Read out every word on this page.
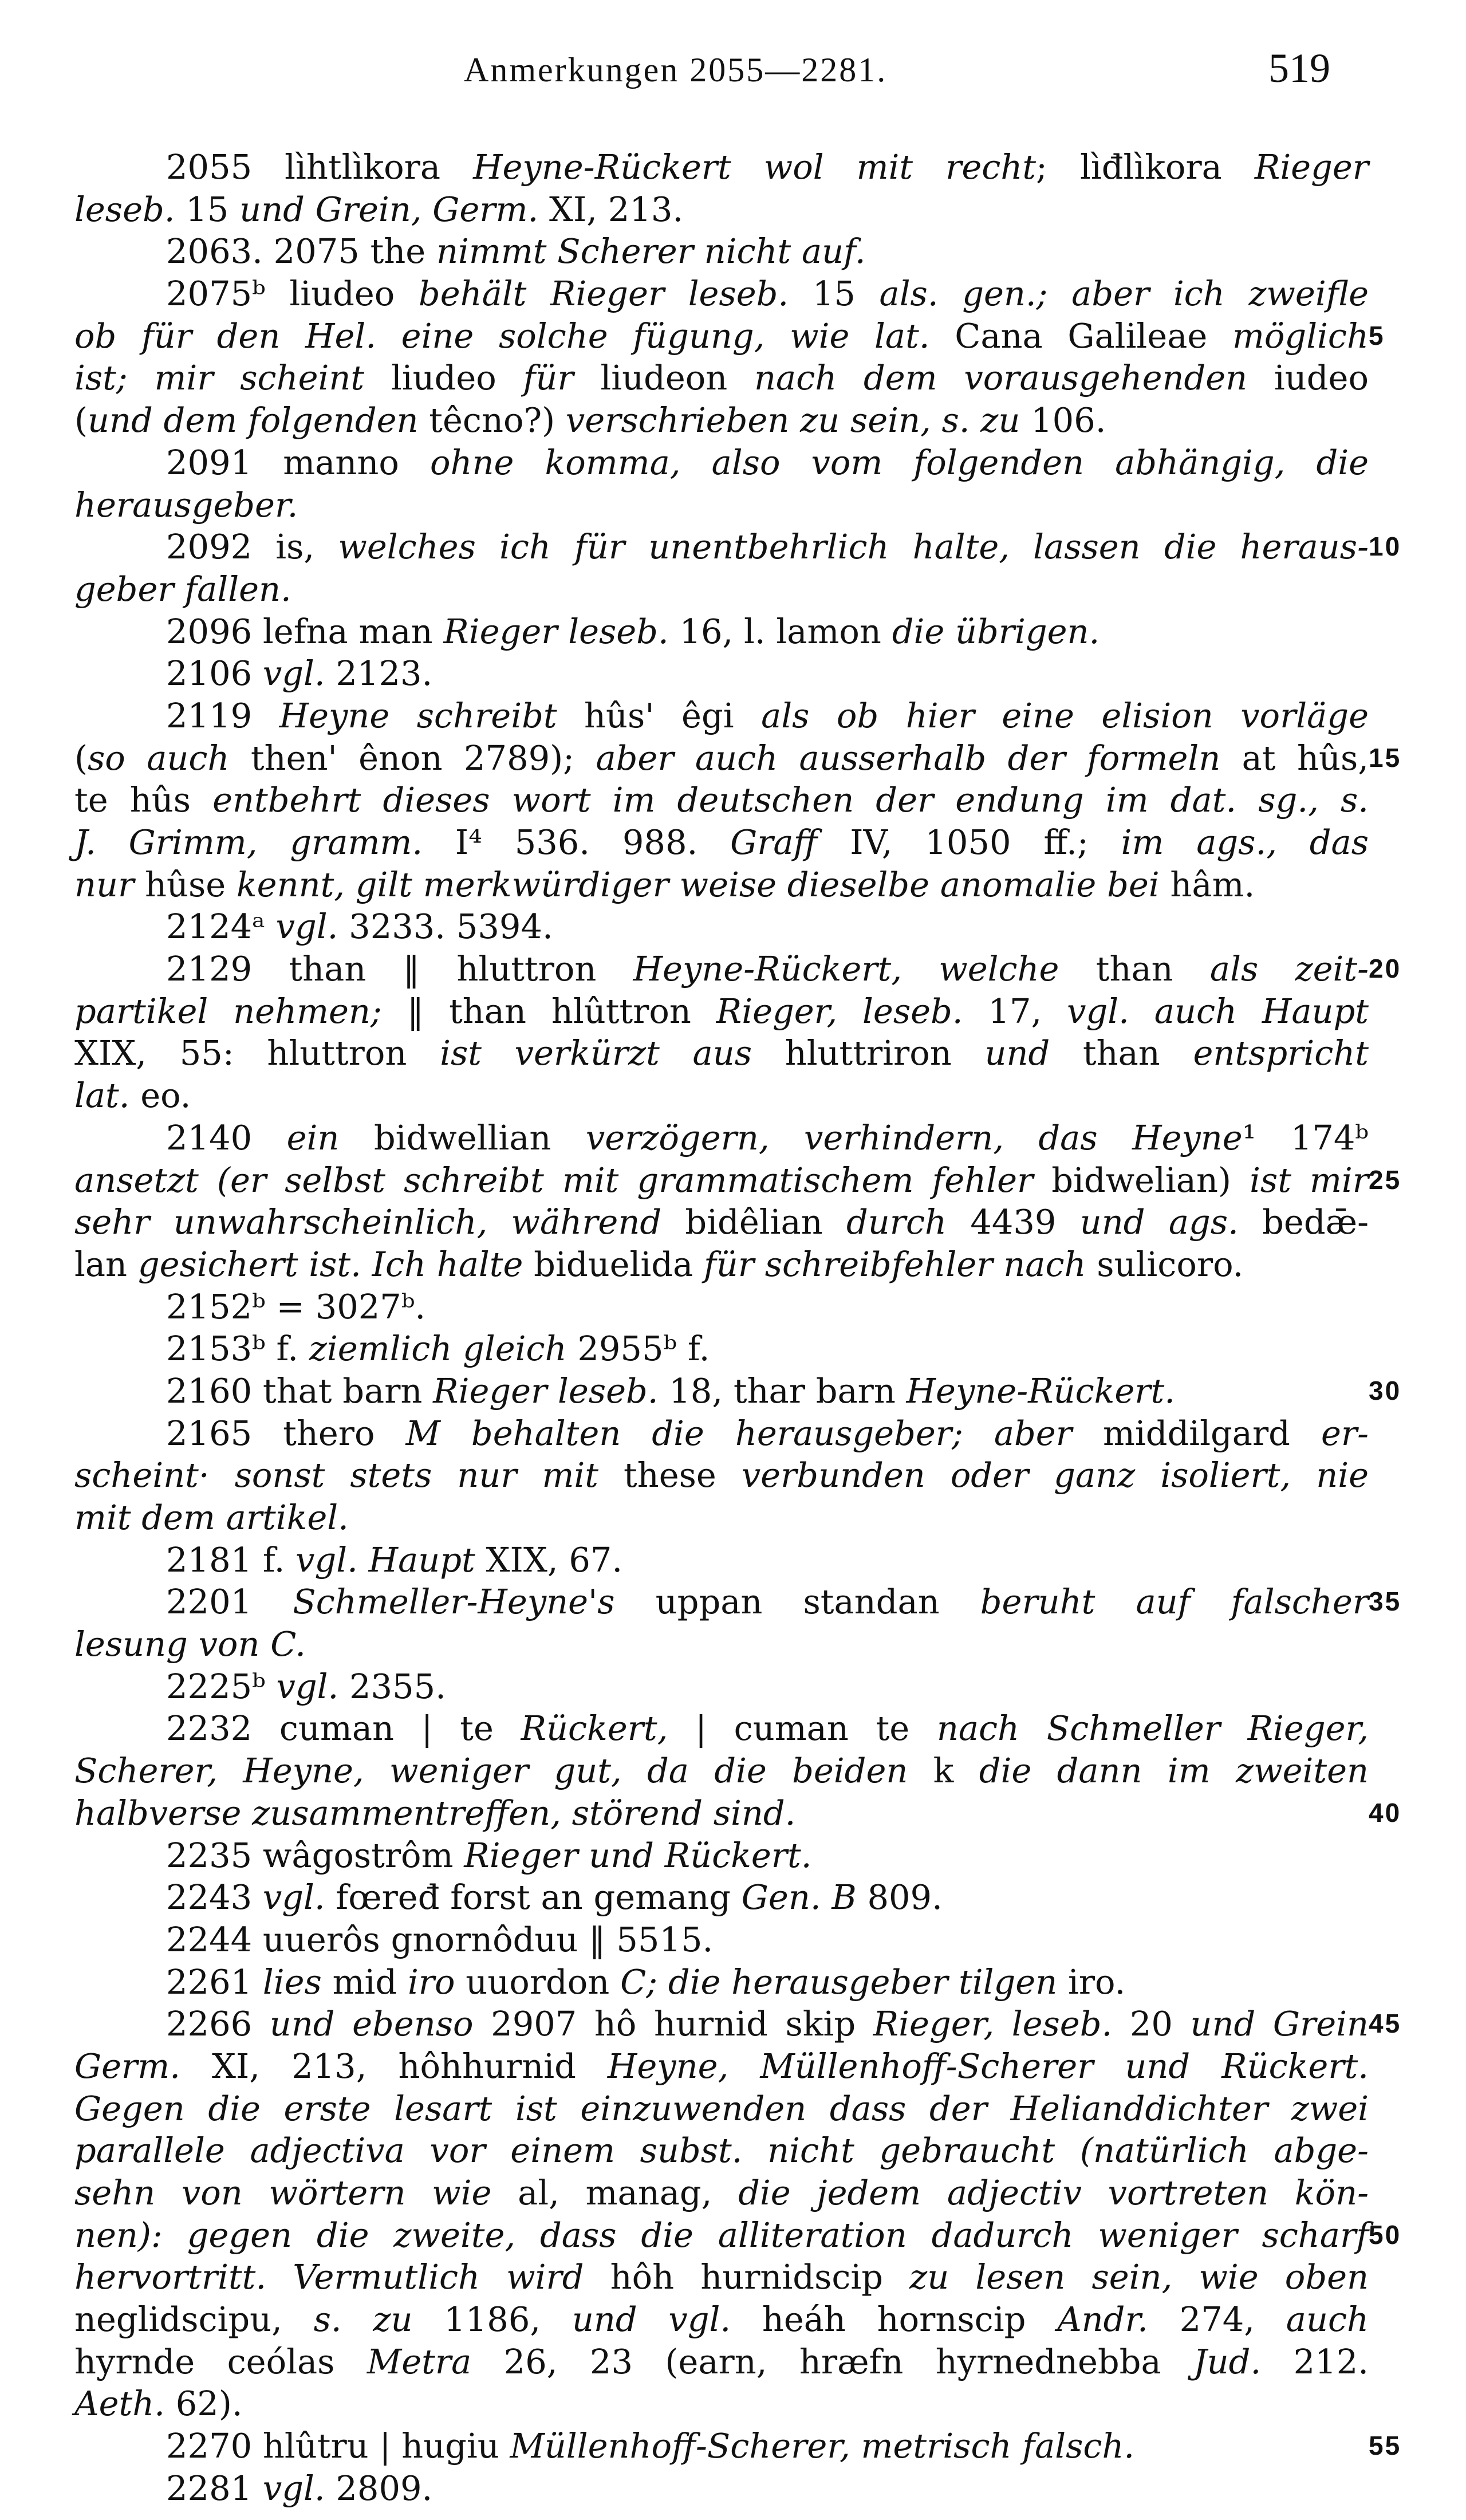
Anmerkungen 2055—2281.	519
2055 lìhtlìkora Heyne-Rückert wol mit recht; lìđlìkora Rieger
leseb. 15 und Grein, Germ. XI, 213.
2063. 2075 the nimmt Scherer nicht auf.
2075ᵇ liudeo behält Rieger leseb. 15 als. gen.; aber ich zweifle
ob für den Hel. eine solche fügung, wie lat. Cana Galileae möglich 5
ist; mir scheint liudeo für liudeon nach dem vorausgehenden iudeo
(und dem folgenden têcno?) verschrieben zu sein, s. zu 106.
2091 manno ohne komma, also vom folgenden abhängig, die
herausgeber.
2092 is, welches ich für unentbehrlich halte, lassen die heraus- 10
geber fallen.
2096 lefna man Rieger leseb. 16, l. lamon die übrigen.
2106 vgl. 2123.
2119 Heyne schreibt hûs' êgi als ob hier eine elision vorläge
(so auch then' ênon 2789); aber auch ausserhalb der formeln at hûs, 15
te hûs entbehrt dieses wort im deutschen der endung im dat. sg., s.
J. Grimm, gramm. I⁴ 536. 988. Graff IV, 1050 ff.; im ags., das
nur hûse kennt, gilt merkwürdiger weise dieselbe anomalie bei hâm.
2124ᵃ vgl. 3233. 5394.
2129 than ‖ hluttron Heyne-Rückert, welche than als zeit- 20
partikel nehmen; ‖ than hlûttron Rieger, leseb. 17, vgl. auch Haupt
XIX, 55: hluttron ist verkürzt aus hluttriron und than entspricht
lat. eo.
2140 ein bidwellian verzögern, verhindern, das Heyne¹ 174ᵇ
ansetzt (er selbst schreibt mit grammatischem fehler bidwelian) ist mir 25
sehr unwahrscheinlich, während bidêlian durch 4439 und ags. bedǣ-
lan gesichert ist. Ich halte biduelida für schreibfehler nach sulicoro.
2152ᵇ = 3027ᵇ.
2153ᵇ f. ziemlich gleich 2955ᵇ f.
2160 that barn Rieger leseb. 18, thar barn Heyne-Rückert.	30
2165 thero M behalten die herausgeber; aber middilgard er-
scheint· sonst stets nur mit these verbunden oder ganz isoliert, nie
mit dem artikel.
2181 f. vgl. Haupt XIX, 67.
2201 Schmeller-Heyne's uppan standan beruht auf falscher 35
lesung von C.
2225ᵇ vgl. 2355.
2232 cuman | te Rückert, | cuman te nach Schmeller Rieger,
Scherer, Heyne, weniger gut, da die beiden k die dann im zweiten
halbverse zusammentreffen, störend sind.	40
2235 wâgostrôm Rieger und Rückert.
2243 vgl. fœređ forst an gemang Gen. B 809.
2244 uuerôs gnornôduu ‖ 5515.
2261 lies mid iro uuordon C; die herausgeber tilgen iro.
2266 und ebenso 2907 hô hurnid skip Rieger, leseb. 20 und Grein 45
Germ. XI, 213, hôhhurnid Heyne, Müllenhoff-Scherer und Rückert.
Gegen die erste lesart ist einzuwenden dass der Helianddichter zwei
parallele adjectiva vor einem subst. nicht gebraucht (natürlich abge-
sehn von wörtern wie al, manag, die jedem adjectiv vortreten kön-
nen): gegen die zweite, dass die alliteration dadurch weniger scharf 50
hervortritt. Vermutlich wird hôh hurnidscip zu lesen sein, wie oben
neglidscipu, s. zu 1186, und vgl. heáh hornscip Andr. 274, auch
hyrnde ceólas Metra 26, 23 (earn, hræfn hyrnednebba Jud. 212.
Aeth. 62).
2270 hlûtru | hugiu Müllenhoff-Scherer, metrisch falsch.	55
2281 vgl. 2809.
